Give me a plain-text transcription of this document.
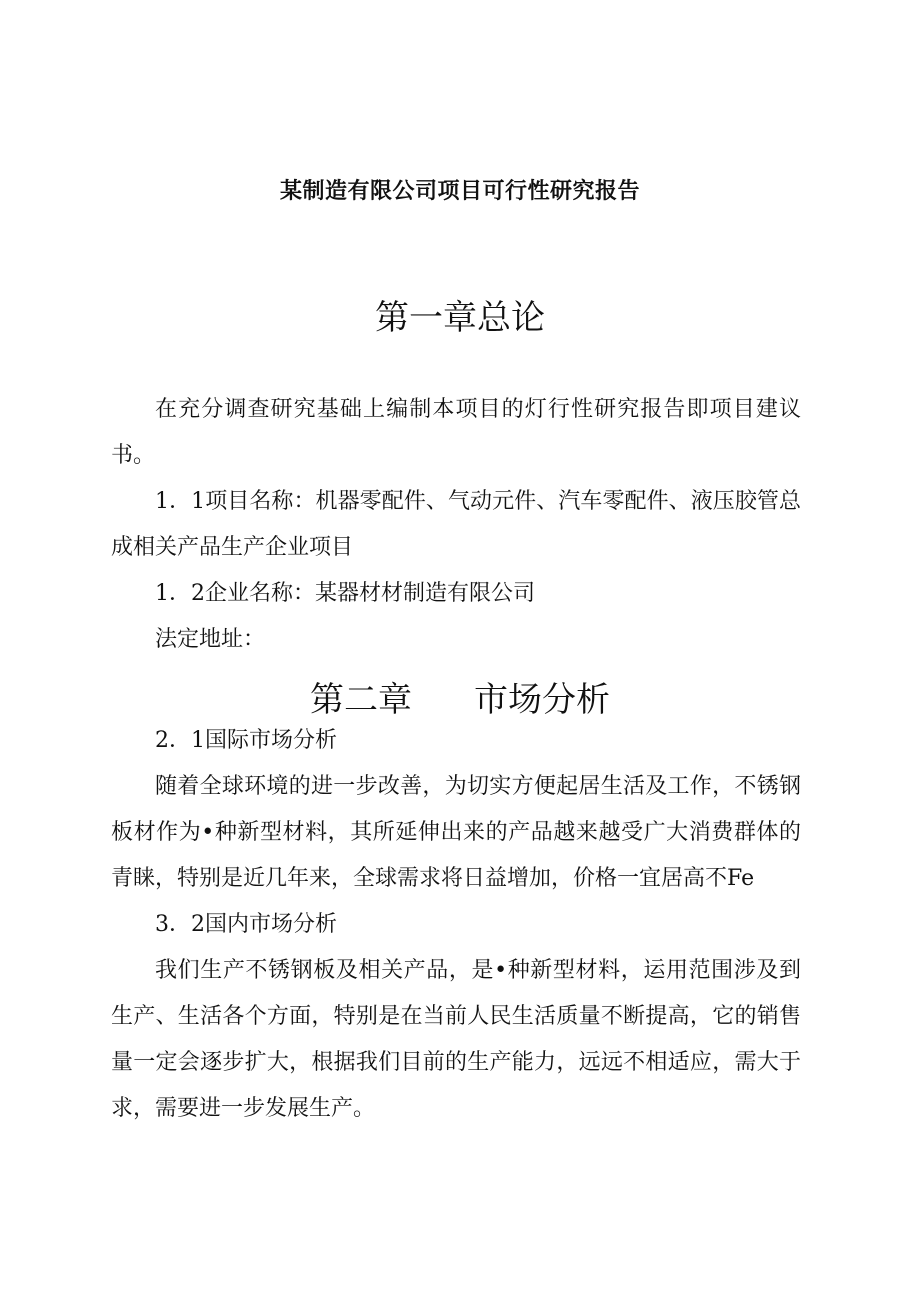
某制造有限公司项目可行性研究报告
第一章总论

在充分调查研究基础上编制本项目的灯行性研究报告即项目建议书。

1．1项目名称：机器零配件、气动元件、汽车零配件、液压胶管总成相关产品生产企业项目

1．2企业名称：某器材材制造有限公司

法定地址：

第二章 市场分析

2．1国际市场分析

随着全球环境的进一步改善，为切实方便起居生活及工作，不锈钢板材作为•种新型材料，其所延伸出来的产品越来越受广大消费群体的青睐，特别是近几年来，全球需求将日益增加，价格一宜居高不Fe

3．2国内市场分析

我们生产不锈钢板及相关产品，是•种新型材料，运用范围涉及到生产、生活各个方面，特别是在当前人民生活质量不断提高，它的销售量一定会逐步扩大，根据我们目前的生产能力，远远不相适应，需大于求，需要进一步发展生产。
